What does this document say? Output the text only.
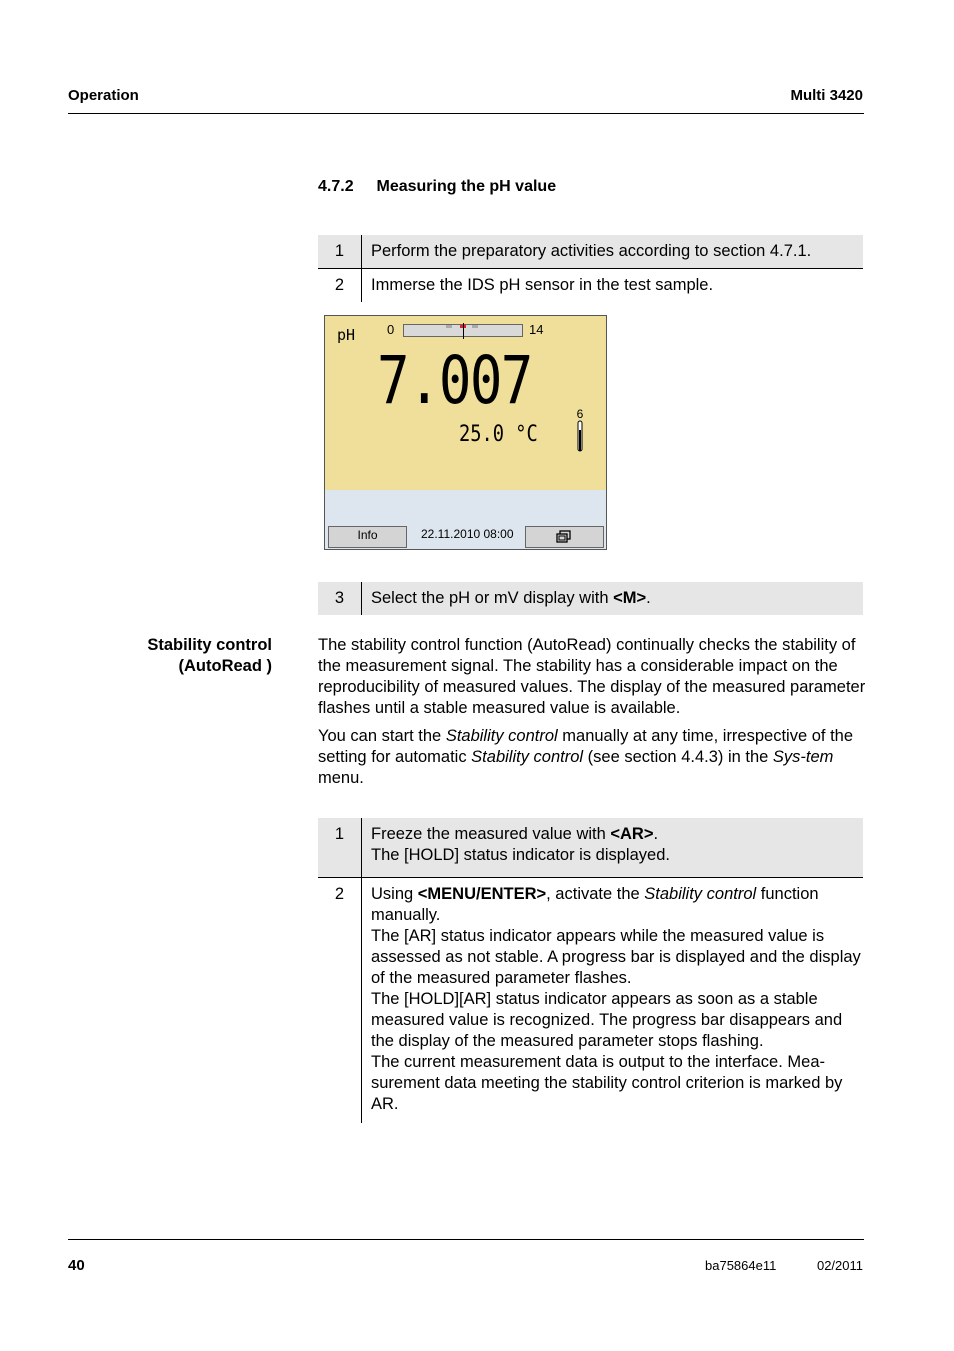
Operation	Multi 3420
4.7.2 Measuring the pH value
1	Perform the preparatory activities according to section 4.7.1.
2	Immerse the IDS pH sensor in the test sample.
pH 0	14
7.007
25.0 °C
6
Info	22.11.2010 08:00
3	Select the pH or mV display with <M>.
Stability control
(AutoRead )

The stability control function (AutoRead) continually checks the stability of the measurement signal. The stability has a considerable impact on the reproducibility of measured values. The display of the measured parameter flashes until a stable measured value is available.

You can start the Stability control manually at any time, irrespective of the setting for automatic Stability control (see section 4.4.3) in the Sys-tem menu.

1	Freeze the measured value with <AR>.
The [HOLD] status indicator is displayed.

2	Using <MENU/ENTER>, activate the Stability control function manually.
The [AR] status indicator appears while the measured value is assessed as not stable. A progress bar is displayed and the display of the measured parameter flashes.
The [HOLD][AR] status indicator appears as soon as a stable measured value is recognized. The progress bar disappears and the display of the measured parameter stops flashing.
The current measurement data is output to the interface. Mea-surement data meeting the stability control criterion is marked by AR.
40	ba75864e11	02/2011
